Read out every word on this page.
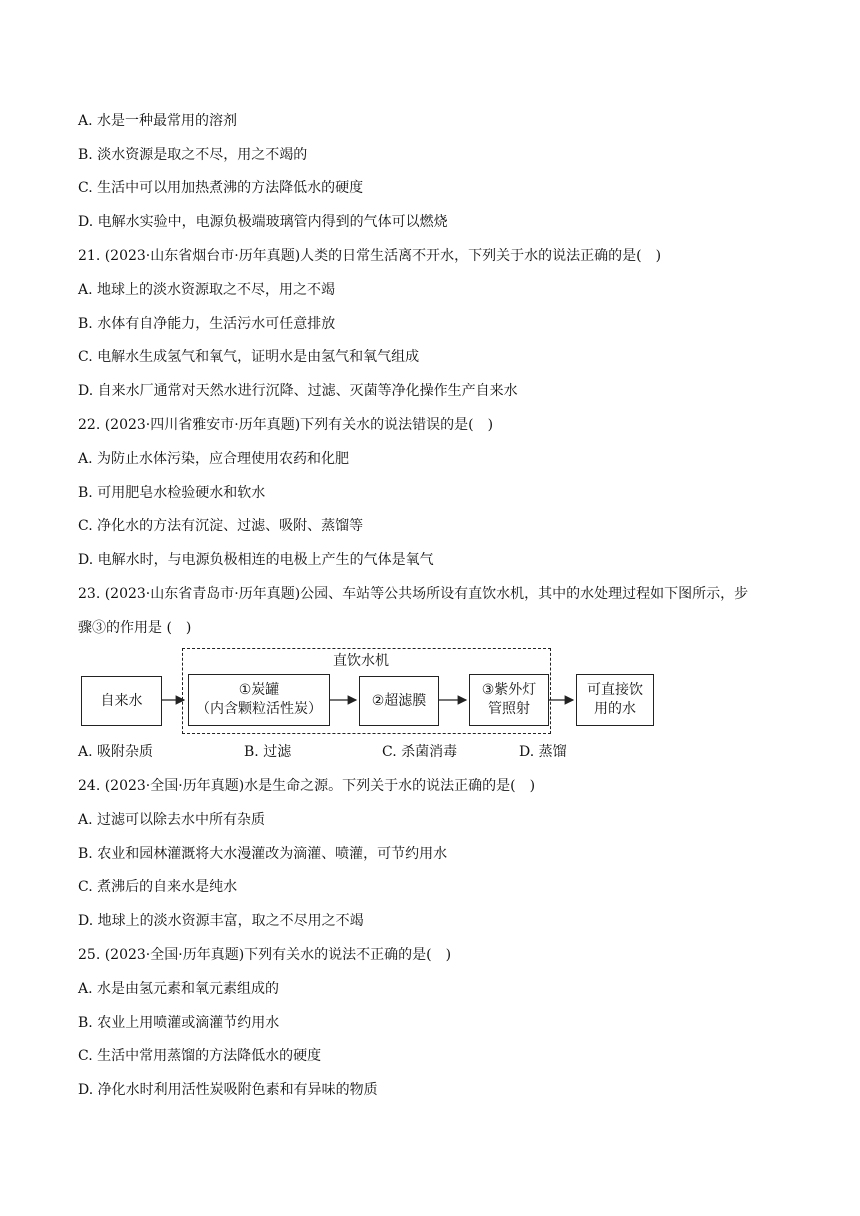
A. 水是一种最常用的溶剂
B. 淡水资源是取之不尽，用之不竭的
C. 生活中可以用加热煮沸的方法降低水的硬度
D. 电解水实验中，电源负极端玻璃管内得到的气体可以燃烧
21. (2023·山东省烟台市·历年真题)人类的日常生活离不开水，下列关于水的说法正确的是(　)
A. 地球上的淡水资源取之不尽，用之不竭
B. 水体有自净能力，生活污水可任意排放
C. 电解水生成氢气和氧气，证明水是由氢气和氧气组成
D. 自来水厂通常对天然水进行沉降、过滤、灭菌等净化操作生产自来水
22. (2023·四川省雅安市·历年真题)下列有关水的说法错误的是(　)
A. 为防止水体污染，应合理使用农药和化肥
B. 可用肥皂水检验硬水和软水
C. 净化水的方法有沉淀、过滤、吸附、蒸馏等
D. 电解水时，与电源负极相连的电极上产生的气体是氧气
23. (2023·山东省青岛市·历年真题)公园、车站等公共场所设有直饮水机，其中的水处理过程如下图所示，步
骤③的作用是 (　)
直饮水机
自来水
①炭罐
（内含颗粒活性炭）
②超滤膜
③紫外灯
管照射
可直接饮
用的水
A. 吸附杂质	B. 过滤	C. 杀菌消毒	D. 蒸馏
24. (2023·全国·历年真题)水是生命之源。下列关于水的说法正确的是(　)
A. 过滤可以除去水中所有杂质
B. 农业和园林灌溉将大水漫灌改为滴灌、喷灌，可节约用水
C. 煮沸后的自来水是纯水
D. 地球上的淡水资源丰富，取之不尽用之不竭
25. (2023·全国·历年真题)下列有关水的说法不正确的是(　)
A. 水是由氢元素和氧元素组成的
B. 农业上用喷灌或滴灌节约用水
C. 生活中常用蒸馏的方法降低水的硬度
D. 净化水时利用活性炭吸附色素和有异味的物质
